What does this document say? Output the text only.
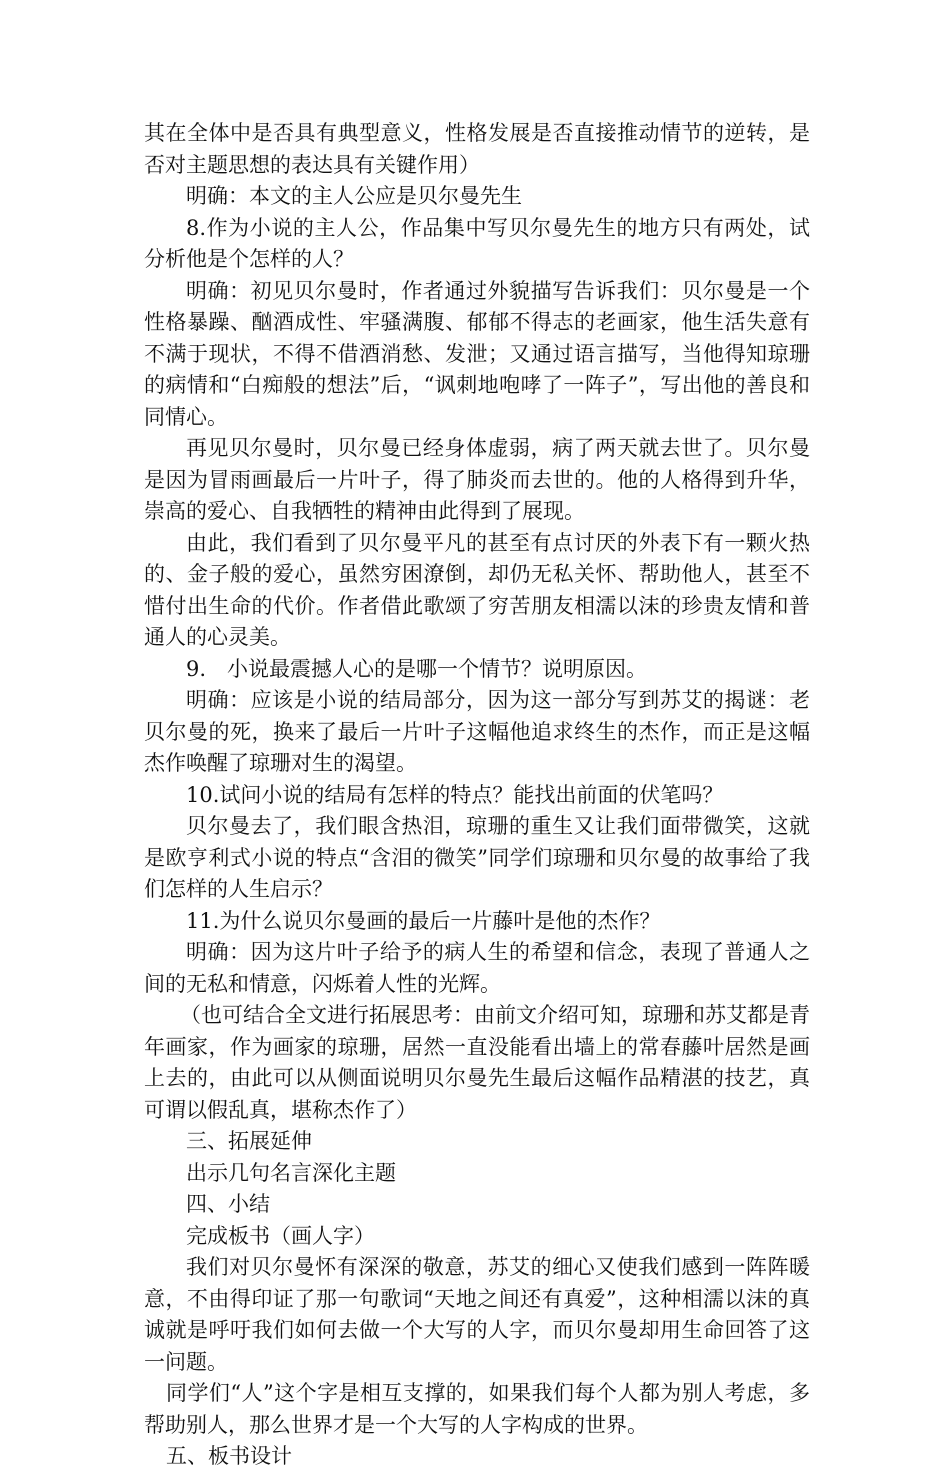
其在全体中是否具有典型意义，性格发展是否直接推动情节的逆转，是否对主题思想的表达具有关键作用）

明确：本文的主人公应是贝尔曼先生

8.作为小说的主人公，作品集中写贝尔曼先生的地方只有两处，试分析他是个怎样的人？

明确：初见贝尔曼时，作者通过外貌描写告诉我们：贝尔曼是一个性格暴躁、酗酒成性、牢骚满腹、郁郁不得志的老画家，他生活失意有不满于现状，不得不借酒消愁、发泄；又通过语言描写，当他得知琼珊的病情和“白痴般的想法”后，“讽刺地咆哮了一阵子”，写出他的善良和同情心。

再见贝尔曼时，贝尔曼已经身体虚弱，病了两天就去世了。贝尔曼是因为冒雨画最后一片叶子，得了肺炎而去世的。他的人格得到升华，崇高的爱心、自我牺牲的精神由此得到了展现。

由此，我们看到了贝尔曼平凡的甚至有点讨厌的外表下有一颗火热的、金子般的爱心，虽然穷困潦倒，却仍无私关怀、帮助他人，甚至不惜付出生命的代价。作者借此歌颂了穷苦朋友相濡以沫的珍贵友情和普通人的心灵美。

9.　小说最震撼人心的是哪一个情节？说明原因。

明确：应该是小说的结局部分，因为这一部分写到苏艾的揭谜：老贝尔曼的死，换来了最后一片叶子这幅他追求终生的杰作，而正是这幅杰作唤醒了琼珊对生的渴望。

10.试问小说的结局有怎样的特点？能找出前面的伏笔吗？

贝尔曼去了，我们眼含热泪，琼珊的重生又让我们面带微笑，这就是欧亨利式小说的特点“含泪的微笑”同学们琼珊和贝尔曼的故事给了我们怎样的人生启示？

11.为什么说贝尔曼画的最后一片藤叶是他的杰作？

明确：因为这片叶子给予的病人生的希望和信念，表现了普通人之间的无私和情意，闪烁着人性的光辉。

（也可结合全文进行拓展思考：由前文介绍可知，琼珊和苏艾都是青年画家，作为画家的琼珊，居然一直没能看出墙上的常春藤叶居然是画上去的，由此可以从侧面说明贝尔曼先生最后这幅作品精湛的技艺，真可谓以假乱真，堪称杰作了）

三、拓展延伸

出示几句名言深化主题

四、小结

完成板书（画人字）

我们对贝尔曼怀有深深的敬意，苏艾的细心又使我们感到一阵阵暖意，不由得印证了那一句歌词“天地之间还有真爱”，这种相濡以沫的真诚就是呼吁我们如何去做一个大写的人字，而贝尔曼却用生命回答了这一问题。

同学们“人”这个字是相互支撑的，如果我们每个人都为别人考虑，多帮助别人，那么世界才是一个大写的人字构成的世界。

五、板书设计
